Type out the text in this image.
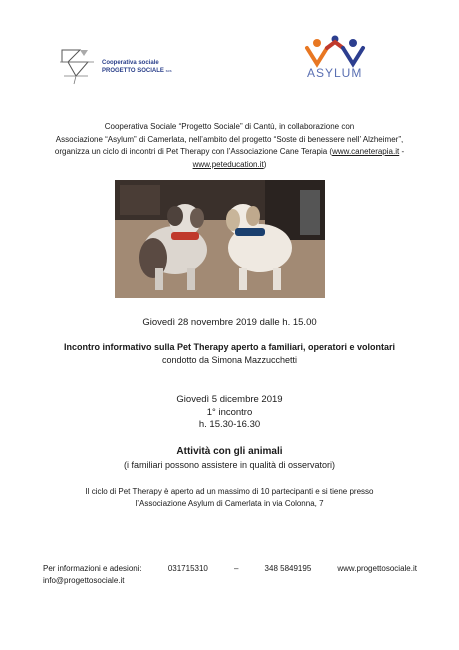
Cooperativa sociale
PROGETTO SOCIALE scs	ASYLUM
Cooperativa Sociale “Progetto Sociale” di Cantù, in collaborazione con
Associazione “Asylum” di Camerlata, nell’ambito del progetto “Soste di benessere nell’ Alzheimer”,
organizza un ciclo di incontri di Pet Therapy con l’Associazione Cane Terapia (www.caneterapia.it -
www.peteducation.it)
Giovedì 28 novembre 2019 dalle h. 15.00
Incontro informativo sulla Pet Therapy aperto a familiari, operatori e volontari
condotto da Simona Mazzucchetti
Giovedì 5 dicembre 2019
1° incontro
h. 15.30-16.30
Attività con gli animali
(i familiari possono assistere in qualità di osservatori)
Il ciclo di Pet Therapy è aperto ad un massimo di 10 partecipanti e si tiene presso
l’Associazione Asylum di Camerlata in via Colonna, 7
Per informazioni e adesioni:	031715310	–	348 5849195	www.progettosociale.it
info@progettosociale.it
